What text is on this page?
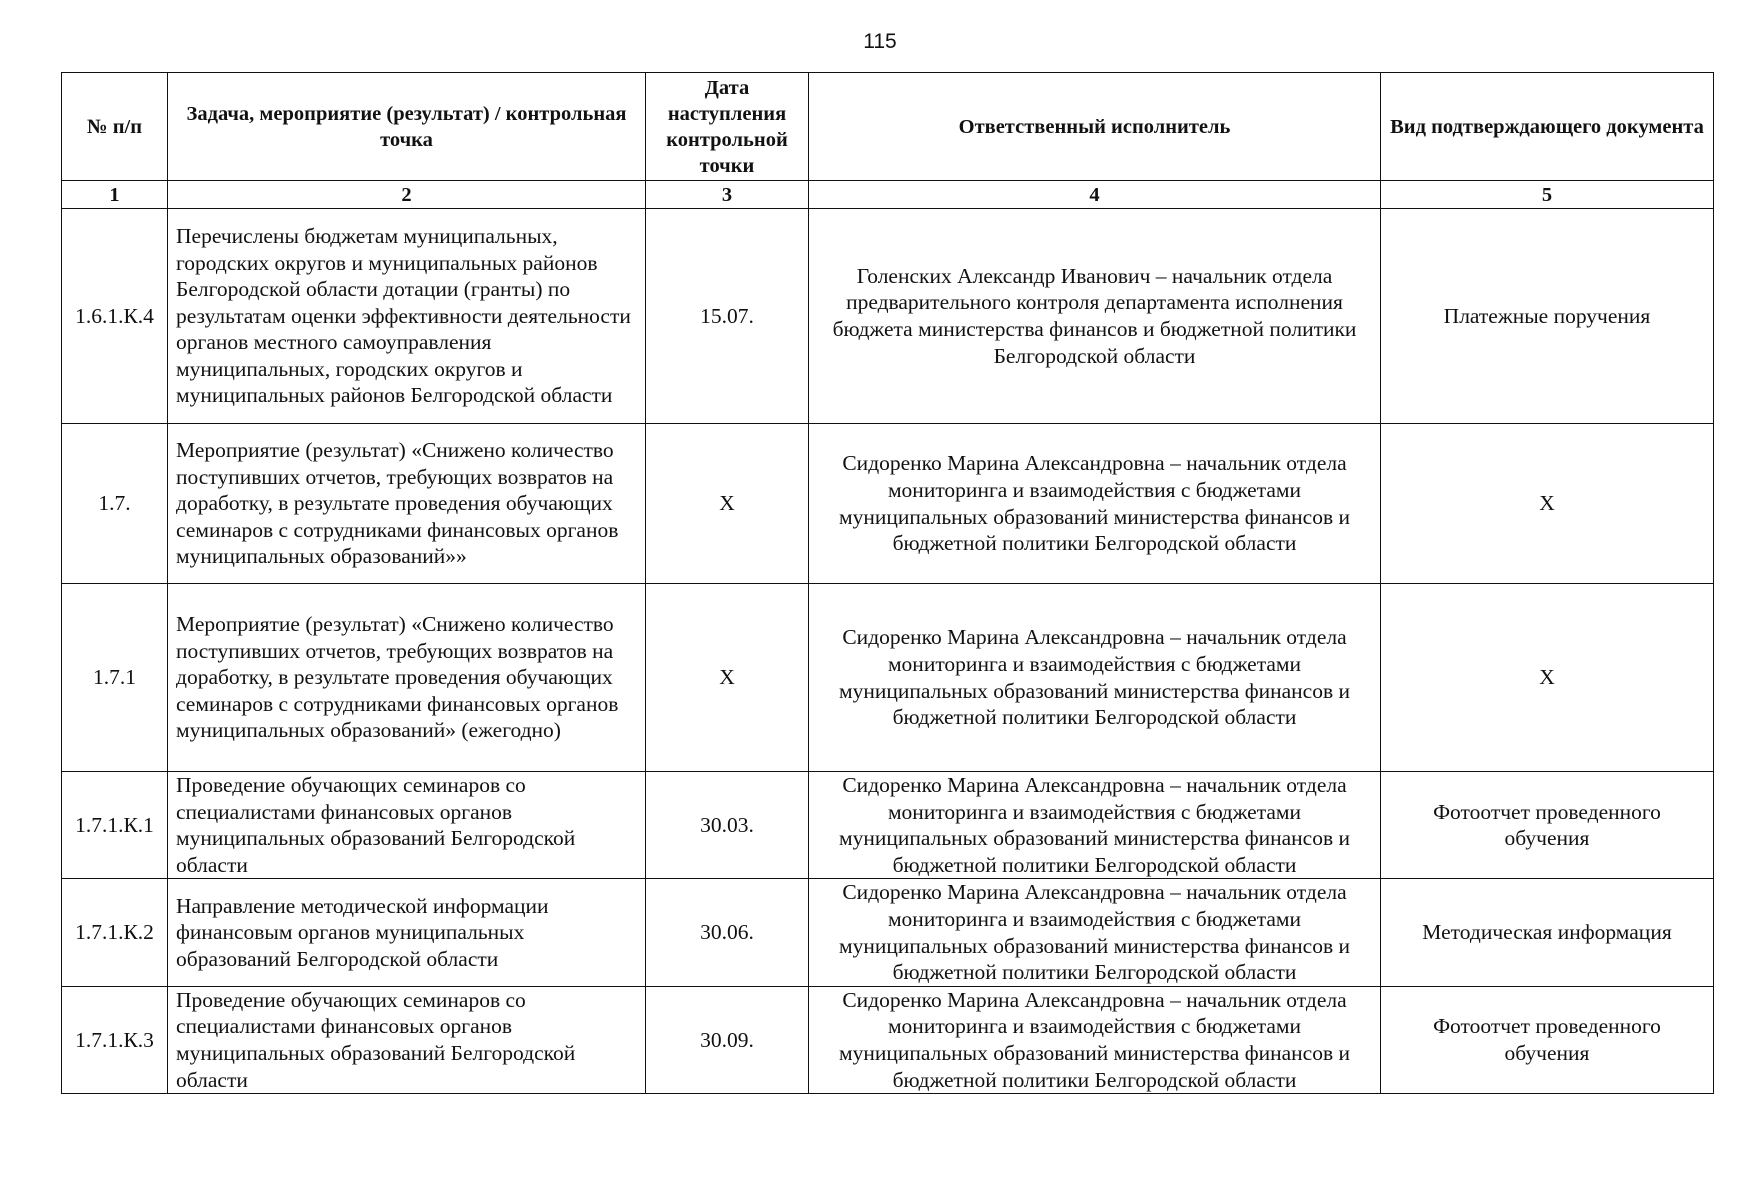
115
№ п/п	Задача, мероприятие (результат) / контрольная точка	Дата наступления контрольной точки	Ответственный исполнитель	Вид подтверждающего документа
1	2	3	4	5
1.6.1.К.4	Перечислены бюджетам муниципальных, городских округов и муниципальных районов Белгородской области дотации (гранты) по результатам оценки эффективности деятельности органов местного самоуправления муниципальных, городских округов и муниципальных районов Белгородской области	15.07.	Голенских Александр Иванович – начальник отдела предварительного контроля департамента исполнения бюджета министерства финансов и бюджетной политики Белгородской области	Платежные поручения
1.7.	Мероприятие (результат) «Снижено количество поступивших отчетов, требующих возвратов на доработку, в результате проведения обучающих семинаров с сотрудниками финансовых органов муниципальных образований»»	Х	Сидоренко Марина Александровна – начальник отдела мониторинга и взаимодействия с бюджетами муниципальных образований министерства финансов и бюджетной политики Белгородской области	Х
1.7.1	Мероприятие (результат) «Снижено количество поступивших отчетов, требующих возвратов на доработку, в результате проведения обучающих семинаров с сотрудниками финансовых органов муниципальных образований» (ежегодно)	Х	Сидоренко Марина Александровна – начальник отдела мониторинга и взаимодействия с бюджетами муниципальных образований министерства финансов и бюджетной политики Белгородской области	Х
1.7.1.К.1	Проведение обучающих семинаров со специалистами финансовых органов муниципальных образований Белгородской области	30.03.	Сидоренко Марина Александровна – начальник отдела мониторинга и взаимодействия с бюджетами муниципальных образований министерства финансов и бюджетной политики Белгородской области	Фотоотчет проведенного обучения
1.7.1.К.2	Направление методической информации финансовым органов муниципальных образований Белгородской области	30.06.	Сидоренко Марина Александровна – начальник отдела мониторинга и взаимодействия с бюджетами муниципальных образований министерства финансов и бюджетной политики Белгородской области	Методическая информация
1.7.1.К.3	Проведение обучающих семинаров со специалистами финансовых органов муниципальных образований Белгородской области	30.09.	Сидоренко Марина Александровна – начальник отдела мониторинга и взаимодействия с бюджетами муниципальных образований министерства финансов и бюджетной политики Белгородской области	Фотоотчет проведенного обучения
